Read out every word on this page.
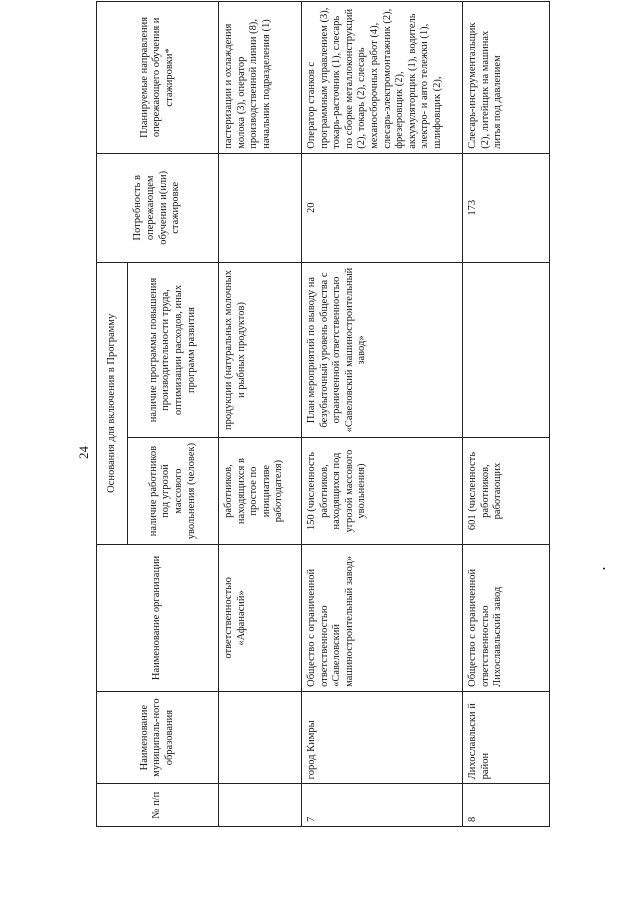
24
•
№ п/п	Наименование муниципаль-ного образования	Наименование организации	Основания для включения в Программу		Потребность в опережающем обучении и(или) стажировке	Планируемые направления опережающего обучения и стажировки*
			наличие работников под угрозой массового увольнения (человек)	наличие программы повышения производительности труда, оптимизации расходов, иных программ развития		
		ответственностью «Афанасий»	работников, находящихся в простое по инициативе работодателя)	продукции (натуральных молочных и рыбных продуктов)		пастеризации и охлаждения молока (3), оператор производственной линии (8), начальник подразделения (1)
7	город Кимры	Общество с ограниченной ответственностью «Савеловский машиностроительный завод»	150 (численность работников, находящихся под угрозой массового увольнения)	План мероприятий по выводу на безубыточный уровень общества с ограниченной ответственностью «Савеловский машиностроительный завод»	20	Оператор станков с программным управлением (3), токарь-расточник (1), слесарь по сборке металлоконструкций (2), токарь (2), слесарь механосборочных работ (4), слесарь-электромонтажник (2), фрезеровщик (2), аккумуляторщик (1), водитель электро- и авто тележки (1), шлифовщик (2),
8	Лихославльски й район	Общество с ограниченной ответственностью Лихославльский завод	601 (численность работников, работающих		173	Слесарь-инструментальщик (2), литейщик на машинах литья под давлением
